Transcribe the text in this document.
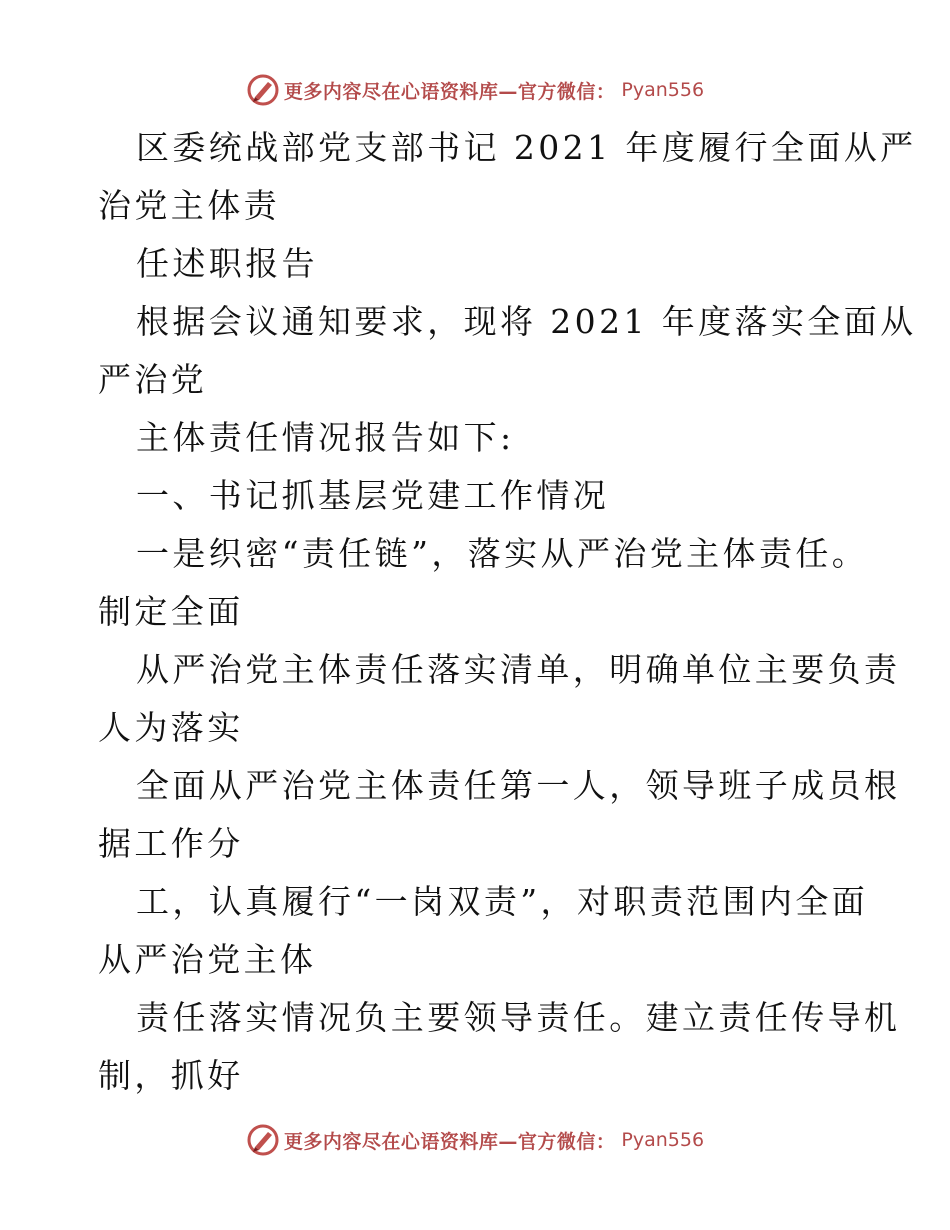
更多内容尽在心语资料库—官方微信： Pyan556
区委统战部党支部书记 2021 年度履行全面从严
治党主体责
任述职报告
根据会议通知要求，现将 2021 年度落实全面从
严治党
主体责任情况报告如下:
一、书记抓基层党建工作情况
一是织密“责任链”，落实从严治党主体责任。
制定全面
从严治党主体责任落实清单，明确单位主要负责
人为落实
全面从严治党主体责任第一人，领导班子成员根
据工作分
工，认真履行“一岗双责”，对职责范围内全面
从严治党主体
责任落实情况负主要领导责任。建立责任传导机
制，抓好
更多内容尽在心语资料库—官方微信： Pyan556
